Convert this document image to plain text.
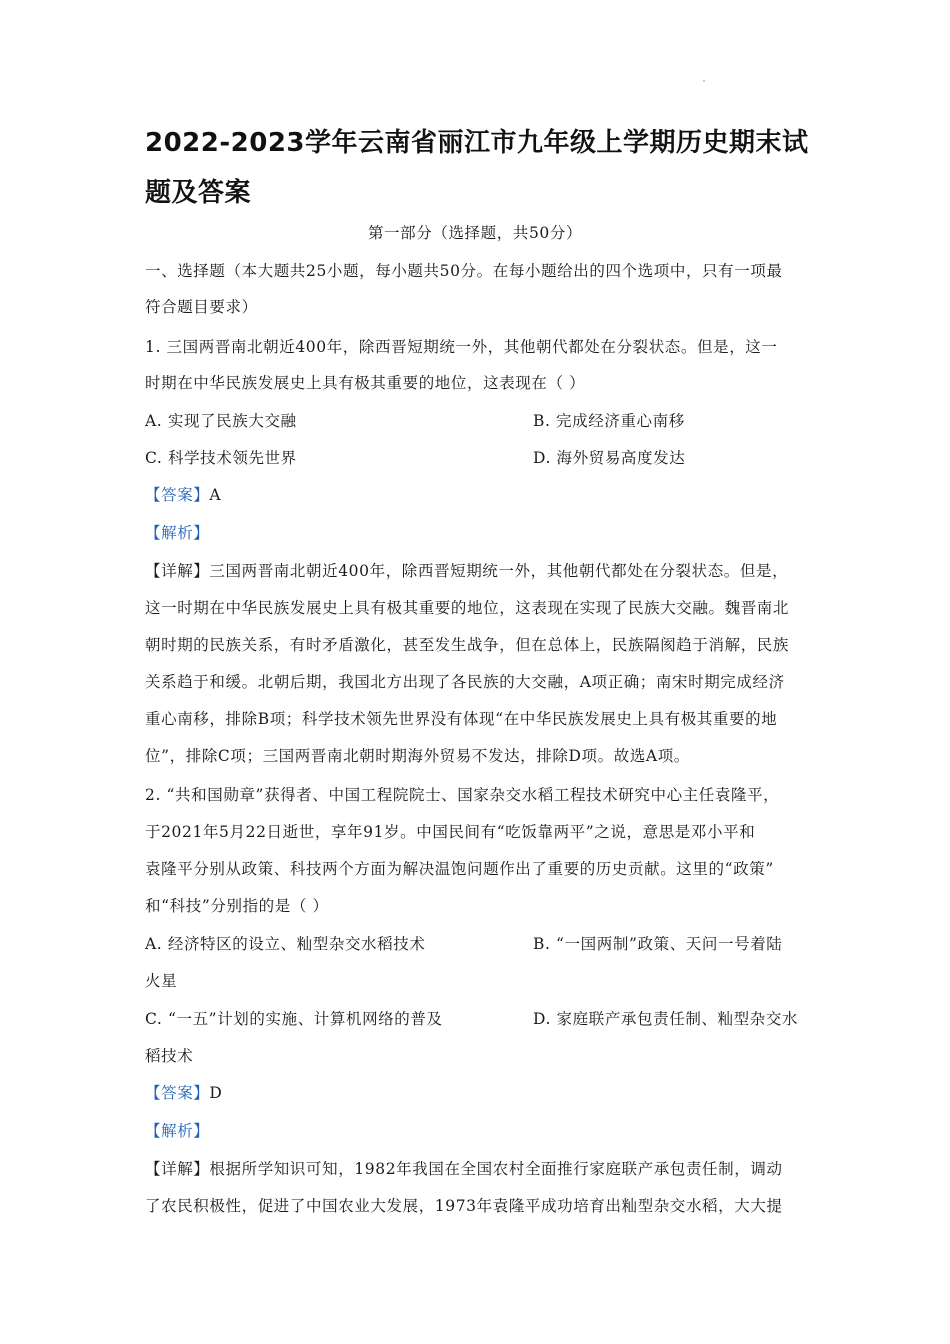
2022-2023学年云南省丽江市九年级上学期历史期末试题及答案
第一部分（选择题，共50分）
一、选择题（本大题共25小题，每小题共50分。在每小题给出的四个选项中，只有一项最
符合题目要求）
1. 三国两晋南北朝近400年，除西晋短期统一外，其他朝代都处在分裂状态。但是，这一
时期在中华民族发展史上具有极其重要的地位，这表现在（ ）
A. 实现了民族大交融	B. 完成经济重心南移
C. 科学技术领先世界	D. 海外贸易高度发达
【答案】A
【解析】
【详解】三国两晋南北朝近400年，除西晋短期统一外，其他朝代都处在分裂状态。但是，
这一时期在中华民族发展史上具有极其重要的地位，这表现在实现了民族大交融。魏晋南北
朝时期的民族关系，有时矛盾激化，甚至发生战争，但在总体上，民族隔阂趋于消解，民族
关系趋于和缓。北朝后期，我国北方出现了各民族的大交融，A项正确；南宋时期完成经济
重心南移，排除B项；科学技术领先世界没有体现“在中华民族发展史上具有极其重要的地
位”，排除C项；三国两晋南北朝时期海外贸易不发达，排除D项。故选A项。
2. “共和国勋章”获得者、中国工程院院士、国家杂交水稻工程技术研究中心主任袁隆平，
于2021年5月22日逝世，享年91岁。中国民间有“吃饭靠两平”之说，意思是邓小平和
袁隆平分别从政策、科技两个方面为解决温饱问题作出了重要的历史贡献。这里的“政策”
和“科技”分别指的是（ ）
A. 经济特区的设立、籼型杂交水稻技术	B. “一国两制”政策、天问一号着陆
火星
C. “一五”计划的实施、计算机网络的普及	D. 家庭联产承包责任制、籼型杂交水
稻技术
【答案】D
【解析】
【详解】根据所学知识可知，1982年我国在全国农村全面推行家庭联产承包责任制，调动
了农民积极性，促进了中国农业大发展，1973年袁隆平成功培育出籼型杂交水稻，大大提
